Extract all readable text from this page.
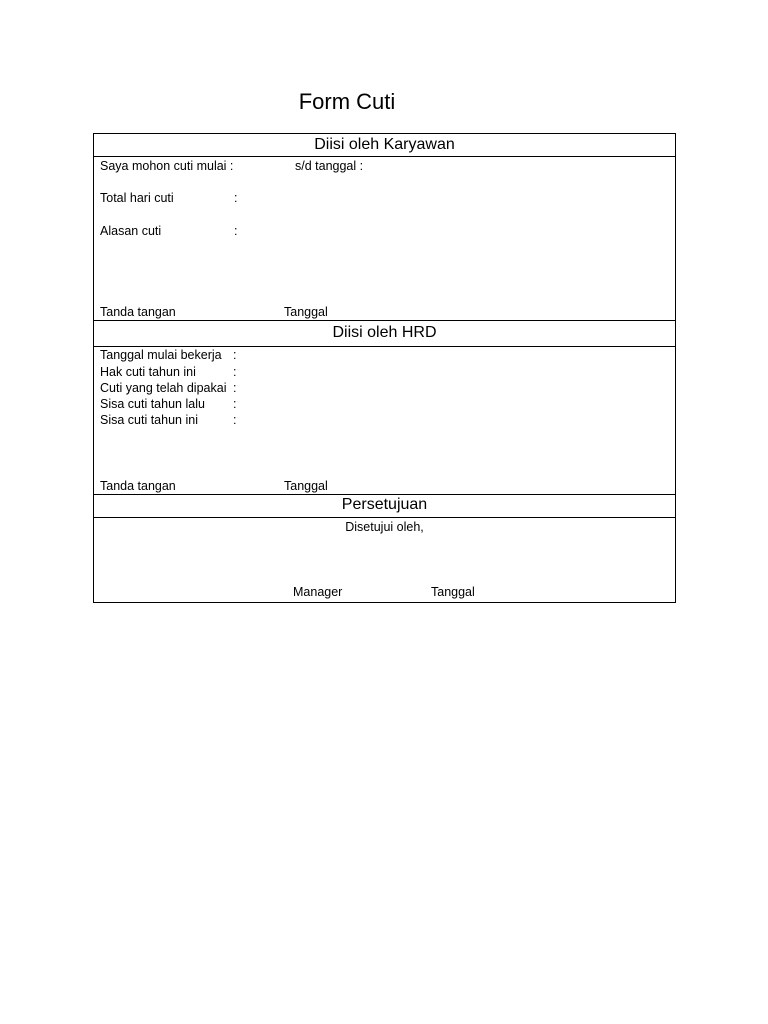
Form Cuti
Diisi oleh Karyawan
Saya mohon cuti mulai :	s/d tanggal :
Total hari cuti	:
Alasan cuti	:
Tanda tangan	Tanggal
Diisi oleh HRD
Tanggal mulai bekerja :
Hak cuti tahun ini	:
Cuti yang telah dipakai :
Sisa cuti tahun lalu :
Sisa cuti tahun ini	:
Tanda tangan	Tanggal
Persetujuan
Disetujui oleh,
Manager	Tanggal
